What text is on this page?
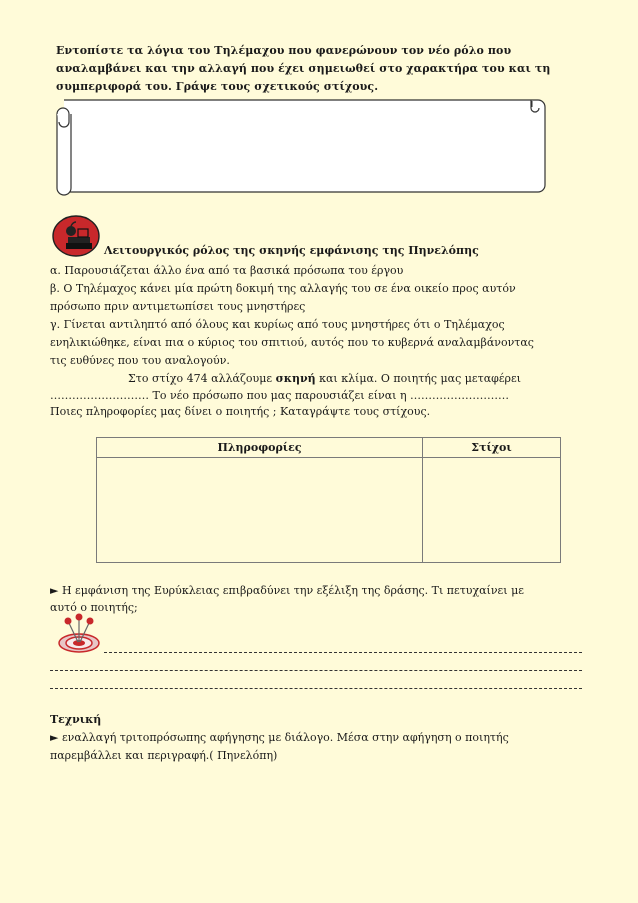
Εντοπίστε τα λόγια του Τηλέμαχου που φανερώνουν τον νέο ρόλο που
αναλαμβάνει και την αλλαγή που έχει σημειωθεί στο χαρακτήρα του και τη
συμπεριφορά του. Γράψε τους σχετικούς στίχους.
Λειτουργικός ρόλος της σκηνής εμφάνισης της Πηνελόπης
α. Παρουσιάζεται άλλο ένα από τα βασικά πρόσωπα του έργου
β. Ο Τηλέμαχος κάνει μία πρώτη δοκιμή της αλλαγής του σε ένα οικείο προς αυτόν
πρόσωπο πριν αντιμετωπίσει τους μνηστήρες
γ. Γίνεται αντιληπτό από όλους και κυρίως από τους μνηστήρες ότι ο Τηλέμαχος
ενηλικιώθηκε, είναι πια ο κύριος του σπιτιού, αυτός που το κυβερνά αναλαμβάνοντας
τις ευθύνες που του αναλογούν.
Στο στίχο 474 αλλάζουμε σκηνή και κλίμα. Ο ποιητής μας μεταφέρει
……………………… Το νέο πρόσωπο που μας παρουσιάζει είναι η ………………………
Ποιες πληροφορίες μας δίνει ο ποιητής ; Καταγράψτε τους στίχους.
Πληροφορίες	Στίχοι

► Η εμφάνιση της Ευρύκλειας επιβραδύνει την εξέλιξη της δράσης. Τι πετυχαίνει με
αυτό ο ποιητής;
Τεχνική
► εναλλαγή τριτοπρόσωπης αφήγησης με διάλογο. Μέσα στην αφήγηση ο ποιητής
παρεμβάλλει και περιγραφή.( Πηνελόπη)
